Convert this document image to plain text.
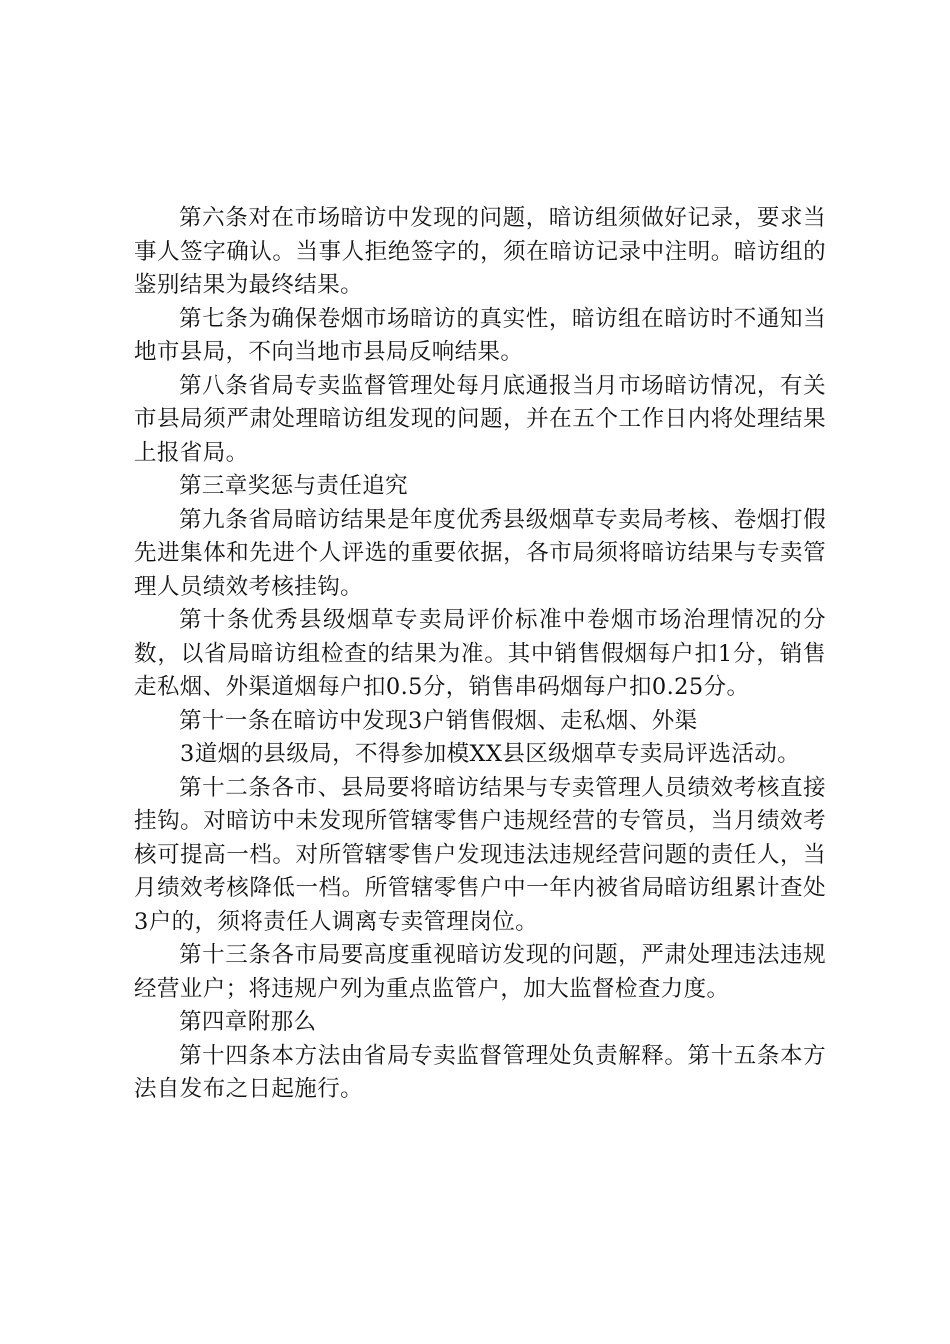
第六条对在市场暗访中发现的问题，暗访组须做好记录，要求当事人签字确认。当事人拒绝签字的，须在暗访记录中注明。暗访组的鉴别结果为最终结果。

第七条为确保卷烟市场暗访的真实性，暗访组在暗访时不通知当地市县局，不向当地市县局反响结果。

第八条省局专卖监督管理处每月底通报当月市场暗访情况，有关市县局须严肃处理暗访组发现的问题，并在五个工作日内将处理结果上报省局。

第三章奖惩与责任追究

第九条省局暗访结果是年度优秀县级烟草专卖局考核、卷烟打假先进集体和先进个人评选的重要依据，各市局须将暗访结果与专卖管理人员绩效考核挂钩。

第十条优秀县级烟草专卖局评价标准中卷烟市场治理情况的分数，以省局暗访组检查的结果为准。其中销售假烟每户扣1分，销售走私烟、外渠道烟每户扣0.5分，销售串码烟每户扣0.25分。

第十一条在暗访中发现3户销售假烟、走私烟、外渠

3道烟的县级局，不得参加模XX县区级烟草专卖局评选活动。

第十二条各市、县局要将暗访结果与专卖管理人员绩效考核直接挂钩。对暗访中未发现所管辖零售户违规经营的专管员，当月绩效考核可提高一档。对所管辖零售户发现违法违规经营问题的责任人，当月绩效考核降低一档。所管辖零售户中一年内被省局暗访组累计查处3户的，须将责任人调离专卖管理岗位。

第十三条各市局要高度重视暗访发现的问题，严肃处理违法违规经营业户；将违规户列为重点监管户，加大监督检查力度。

第四章附那么

第十四条本方法由省局专卖监督管理处负责解释。第十五条本方法自发布之日起施行。
